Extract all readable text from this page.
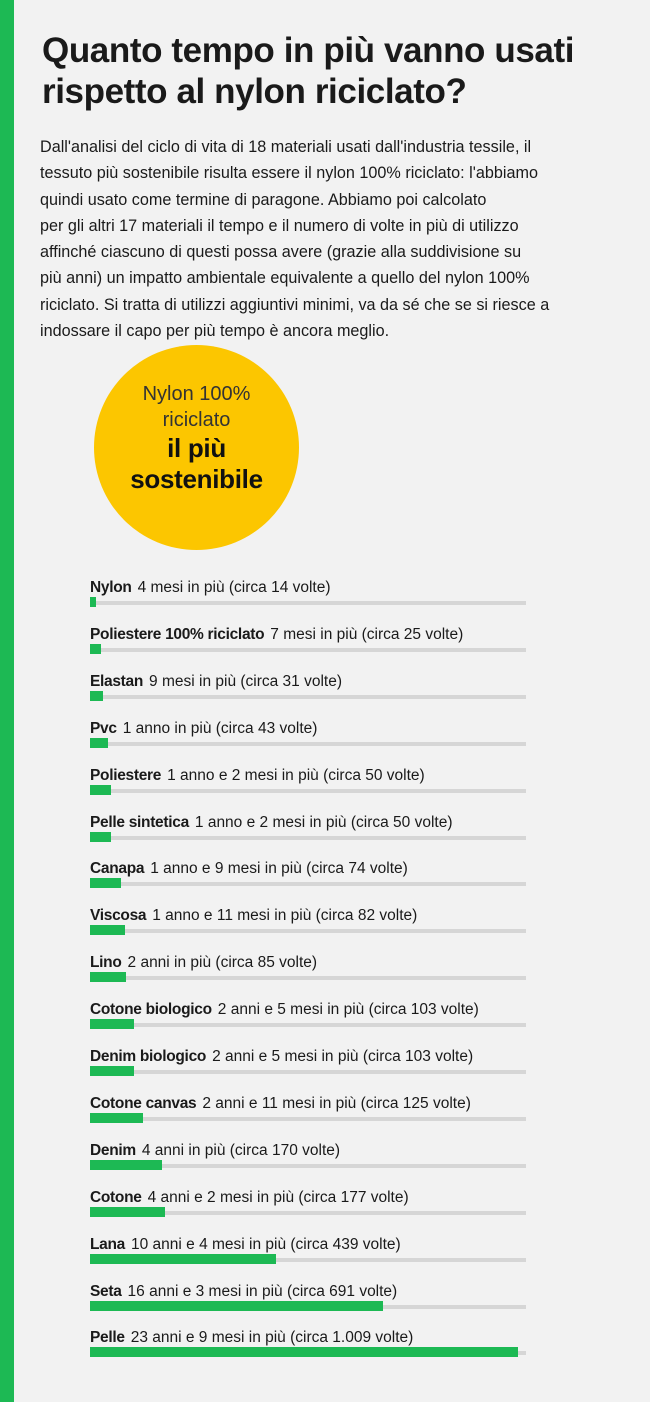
Quanto tempo in più vanno usati
rispetto al nylon riciclato?
Dall'analisi del ciclo di vita di 18 materiali usati dall'industria tessile, il
tessuto più sostenibile risulta essere il nylon 100% riciclato: l'abbiamo
quindi usato come termine di paragone. Abbiamo poi calcolato
per gli altri 17 materiali il tempo e il numero di volte in più di utilizzo
affinché ciascuno di questi possa avere (grazie alla suddivisione su
più anni) un impatto ambientale equivalente a quello del nylon 100%
riciclato. Si tratta di utilizzi aggiuntivi minimi, va da sé che se si riesce a
indossare il capo per più tempo è ancora meglio.
Nylon 100%
riciclato
il più
sostenibile
Nylon 4 mesi in più (circa 14 volte)
Poliestere 100% riciclato 7 mesi in più (circa 25 volte)
Elastan 9 mesi in più (circa 31 volte)
Pvc 1 anno in più (circa 43 volte)
Poliestere 1 anno e 2 mesi in più (circa 50 volte)
Pelle sintetica 1 anno e 2 mesi in più (circa 50 volte)
Canapa 1 anno e 9 mesi in più (circa 74 volte)
Viscosa 1 anno e 11 mesi in più (circa 82 volte)
Lino 2 anni in più (circa 85 volte)
Cotone biologico 2 anni e 5 mesi in più (circa 103 volte)
Denim biologico 2 anni e 5 mesi in più (circa 103 volte)
Cotone canvas 2 anni e 11 mesi in più (circa 125 volte)
Denim 4 anni in più (circa 170 volte)
Cotone 4 anni e 2 mesi in più (circa 177 volte)
Lana 10 anni e 4 mesi in più (circa 439 volte)
Seta 16 anni e 3 mesi in più (circa 691 volte)
Pelle 23 anni e 9 mesi in più (circa 1.009 volte)
